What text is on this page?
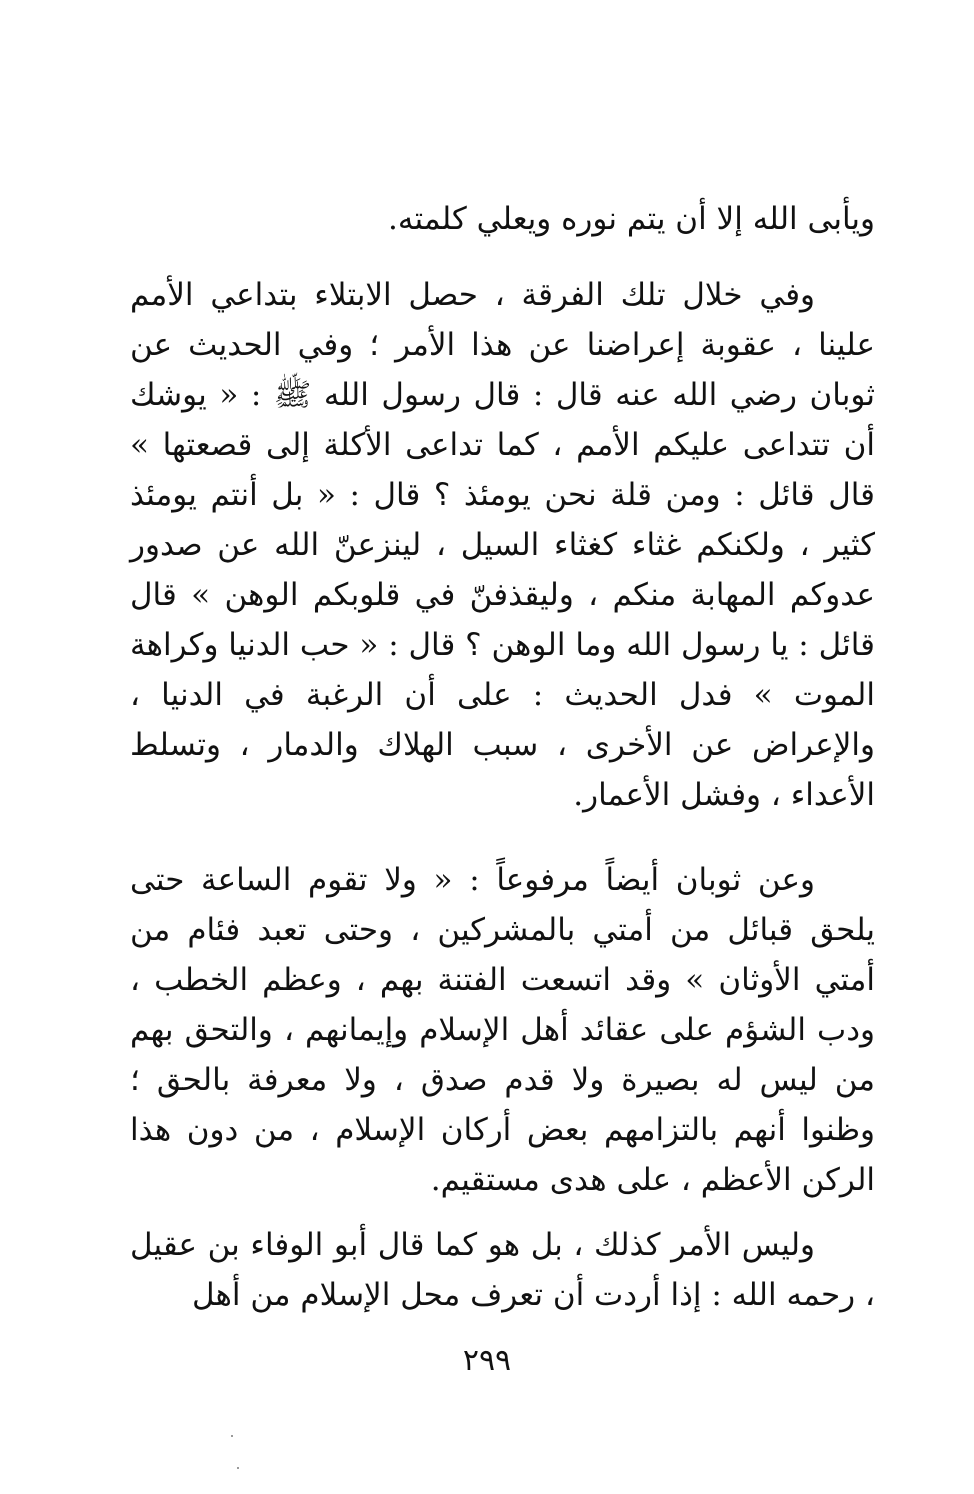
ويأبى الله إلا أن يتم نوره ويعلي كلمته.

وفي خلال تلك الفرقة ، حصل الابتلاء بتداعي الأمم علينا ، عقوبة إعراضنا عن هذا الأمر ؛ وفي الحديث عن ثوبان رضي الله عنه قال : قال رسول الله ﷺ : « يوشك أن تتداعى عليكم الأمم ، كما تداعى الأكلة إلى قصعتها » قال قائل : ومن قلة نحن يومئذ ؟ قال : « بل أنتم يومئذ كثير ، ولكنكم غثاء كغثاء السيل ، لينزعنّ الله عن صدور عدوكم المهابة منكم ، وليقذفنّ في قلوبكم الوهن » قال قائل : يا رسول الله وما الوهن ؟ قال : « حب الدنيا وكراهة الموت » فدل الحديث : على أن الرغبة في الدنيا ، والإعراض عن الأخرى ، سبب الهلاك والدمار ، وتسلط الأعداء ، وفشل الأعمار.

وعن ثوبان أيضاً مرفوعاً : « ولا تقوم الساعة حتى يلحق قبائل من أمتي بالمشركين ، وحتى تعبد فئام من أمتي الأوثان » وقد اتسعت الفتنة بهم ، وعظم الخطب ، ودب الشؤم على عقائد أهل الإسلام وإيمانهم ، والتحق بهم من ليس له بصيرة ولا قدم صدق ، ولا معرفة بالحق ؛ وظنوا أنهم بالتزامهم بعض أركان الإسلام ، من دون هذا الركن الأعظم ، على هدى مستقيم.

وليس الأمر كذلك ، بل هو كما قال أبو الوفاء بن عقيل ، رحمه الله : إذا أردت أن تعرف محل الإسلام من أهل

٢٩٩
